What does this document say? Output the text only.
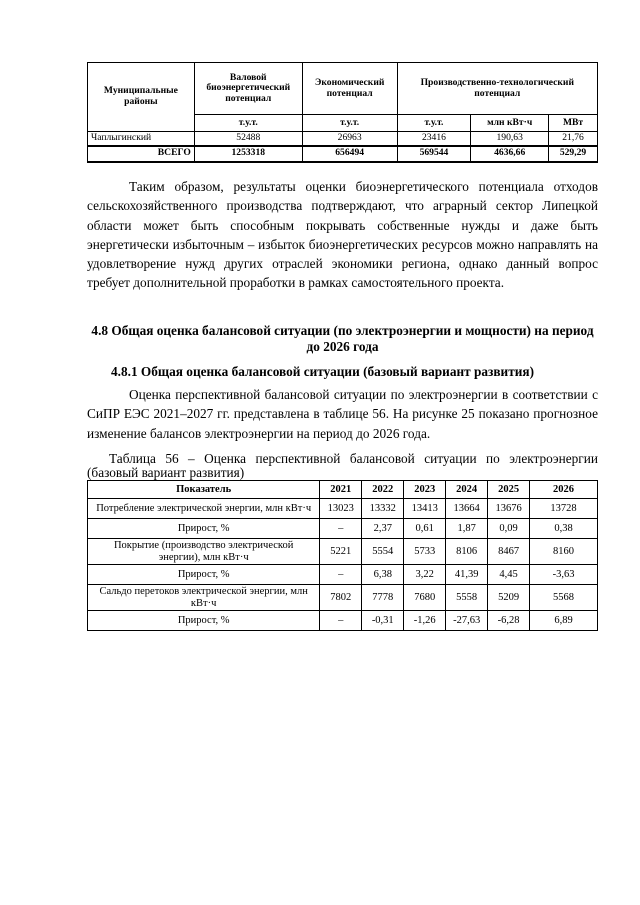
Муниципальные районы	Валовой биоэнергетический потенциал	Экономический потенциал	Производственно-технологический потенциал		
	т.у.т.	т.у.т.	т.у.т.	млн кВт·ч	МВт
Чаплыгинский	52488	26963	23416	190,63	21,76
ВСЕГО	1253318	656494	569544	4636,66	529,29

Таким образом, результаты оценки биоэнергетического потенциала отходов сельскохозяйственного производства подтверждают, что аграрный сектор Липецкой области может быть способным покрывать собственные нужды и даже быть энергетически избыточным – избыток биоэнергетических ресурсов можно направлять на удовлетворение нужд других отраслей экономики региона, однако данный вопрос требует дополнительной проработки в рамках самостоятельного проекта.

4.8 Общая оценка балансовой ситуации (по электроэнергии и мощности) на период до 2026 года

4.8.1 Общая оценка балансовой ситуации (базовый вариант развития)

Оценка перспективной балансовой ситуации по электроэнергии в соответствии с СиПР ЕЭС 2021–2027 гг. представлена в таблице 56. На рисунке 25 показано прогнозное изменение балансов электроэнергии на период до 2026 года.

Таблица 56 – Оценка перспективной балансовой ситуации по электроэнергии (базовый вариант развития)

Показатель	2021	2022	2023	2024	2025	2026
Потребление электрической энергии, млн кВт·ч	13023	13332	13413	13664	13676	13728
Прирост, %	–	2,37	0,61	1,87	0,09	0,38
Покрытие (производство электрической энергии), млн кВт·ч	5221	5554	5733	8106	8467	8160
Прирост, %	–	6,38	3,22	41,39	4,45	-3,63
Сальдо перетоков электрической энергии, млн кВт·ч	7802	7778	7680	5558	5209	5568
Прирост, %	–	-0,31	-1,26	-27,63	-6,28	6,89
